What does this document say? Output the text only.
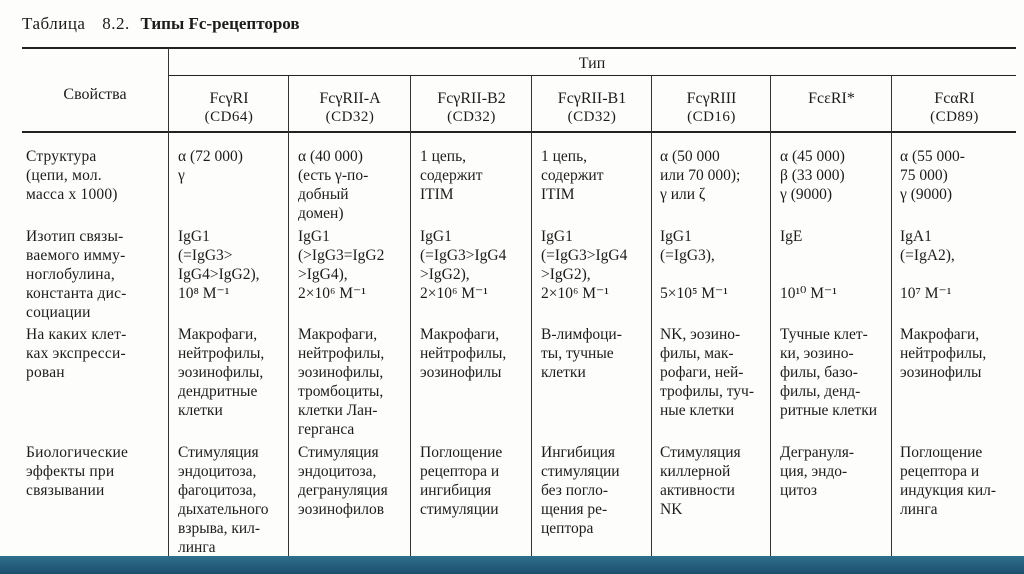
Таблица 8.2. Типы Fc-рецепторов
Свойства
Тип
FcγRI
(CD64)
FcγRII-A
(CD32)
FcγRII-B2
(CD32)
FcγRII-B1
(CD32)
FcγRIII
(CD16)
FcεRI*	FcαRI
(CD89)
Структура
(цепи, мол.
масса x 1000)
Изотип связы-
ваемого иммy-
ноглобулина,
константа дис-
социации
На каких клет-
ках экспресси-
рован
Биологические
эффекты при
связывании
α (72 000)
γ
α (40 000)
(есть γ-по-
добный
домен)
1 цепь,
содержит
ITIM
1 цепь,
содержит
ITIM
α (50 000
или 70 000);
γ или ζ
α (45 000)
β (33 000)
γ (9000)
α (55 000-
75 000)
γ (9000)
IgG1
(=IgG3>
IgG4>IgG2),
10⁸ M⁻¹
IgG1
(>IgG3=IgG2
>IgG4),
2×10⁶ M⁻¹
IgG1
(=IgG3>IgG4
>IgG2),
2×10⁶ M⁻¹
IgG1
(=IgG3>IgG4
>IgG2),
2×10⁶ M⁻¹
IgG1
(=IgG3),

5×10⁵ M⁻¹
IgE

10¹⁰ M⁻¹
IgA1
(=IgA2),

10⁷ M⁻¹
Макрофаги,
нейтрофилы,
эозинофилы,
дендритные
клетки
Макрофаги,
нейтрофилы,
эозинофилы,
тромбоциты,
клетки Лан-
герганса
Макрофаги,
нейтрофилы,
эозинофилы
В-лимфоци-
ты, тучные
клетки
NK, эозино-
филы, мак-
рофаги, ней-
трофилы, туч-
ные клетки
Тучные клет-
ки, эозино-
филы, базо-
филы, денд-
ритные клетки
Макрофаги,
нейтрофилы,
эозинофилы
Стимуляция
эндоцитоза,
фагоцитоза,
дыхательного
взрыва, кил-
линга
Стимуляция
эндоцитоза,
дегрануляция
эозинофилов
Поглощение
рецептора и
ингибиция
стимуляции
Ингибиция
стимуляции
без погло-
щения ре-
цептора
Стимуляция
киллерной
активности
NK
Дегрануля-
ция, эндо-
цитоз
Поглощение
рецептора и
индукция кил-
линга
